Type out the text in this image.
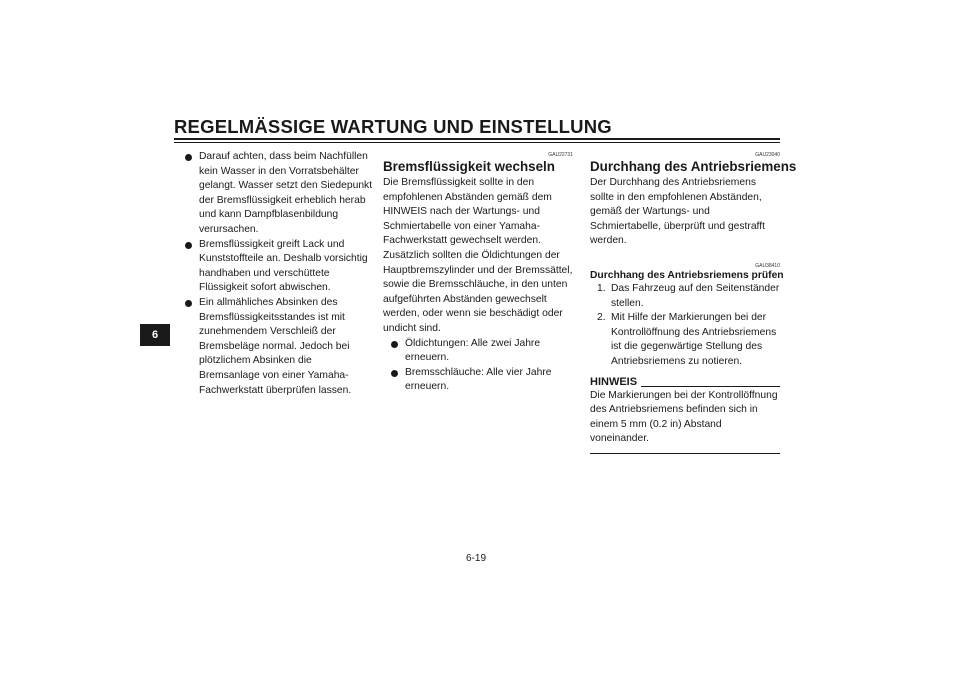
REGELMÄSSIGE WARTUNG UND EINSTELLUNG
6
Darauf achten, dass beim Nachfüllen kein Wasser in den Vorratsbehälter gelangt. Wasser setzt den Siedepunkt der Bremsflüssigkeit erheblich herab und kann Dampfblasenbildung verursachen.
Bremsflüssigkeit greift Lack und Kunststoffteile an. Deshalb vorsichtig handhaben und verschüttete Flüssigkeit sofort abwischen.
Ein allmähliches Absinken des Bremsflüssigkeitsstandes ist mit zunehmendem Verschleiß der Bremsbeläge normal. Jedoch bei plötzlichem Absinken die Bremsanlage von einer Yamaha-Fachwerkstatt überprüfen lassen.
GAU22731
Bremsflüssigkeit wechseln

Die Bremsflüssigkeit sollte in den empfohlenen Abständen gemäß dem HINWEIS nach der Wartungs- und Schmiertabelle von einer Yamaha-Fachwerkstatt gewechselt werden. Zusätzlich sollten die Öldichtungen der Hauptbremszylinder und der Bremssättel, sowie die Bremsschläuche, in den unten aufgeführten Abständen gewechselt werden, oder wenn sie beschädigt oder undicht sind.

Öldichtungen: Alle zwei Jahre erneuern.
Bremsschläuche: Alle vier Jahre erneuern.
GAU23040
Durchhang des Antriebsriemens

Der Durchhang des Antriebsriemens sollte in den empfohlenen Abständen, gemäß der Wartungs- und Schmiertabelle, überprüft und gestrafft werden.

GAU38410
Durchhang des Antriebsriemens prüfen
1. Das Fahrzeug auf den Seitenständer stellen.
2. Mit Hilfe der Markierungen bei der Kontrollöffnung des Antriebsriemens ist die gegenwärtige Stellung des Antriebsriemens zu notieren.
HINWEIS

Die Markierungen bei der Kontrollöffnung des Antriebsriemens befinden sich in einem 5 mm (0.2 in) Abstand voneinander.

6-19
